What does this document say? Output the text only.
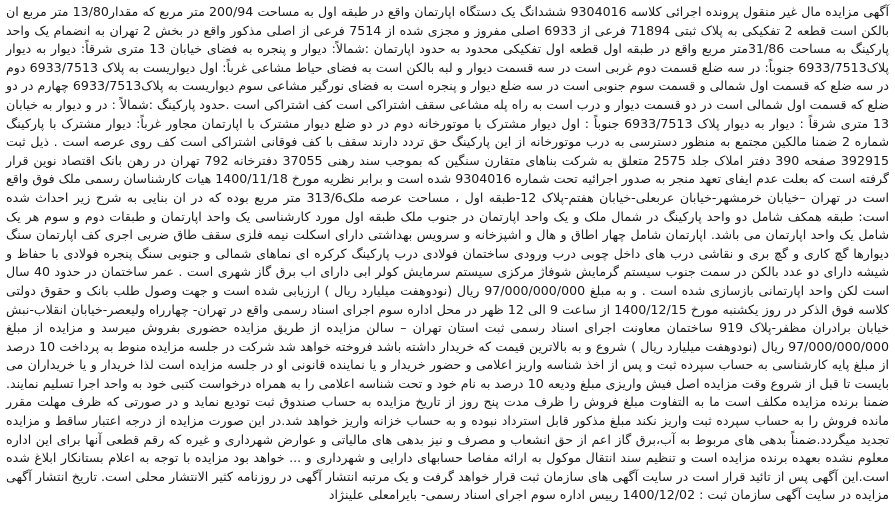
آگهی مزایده مال غیر منقول پرونده اجرائی کلاسه 9304016 ششدانگ یک دستگاه اپارتمان واقع در طبقه اول به مساحت 200/94 متر مربع که مقدار13/80 متر مربع ان بالکن است قطعه 2 تفکیکی به پلاک ثبتی 71894 فرعی از 6933 اصلی مفروز و مجزی شده از 7514 فرعی از اصلی مذکور واقع در بخش 2 تهران به انضمام یک واحد پارکینگ به مساحت 31/86متر مربع واقع در طبقه اول قطعه اول تفکیکی محدود به حدود اپارتمان :شمالاً: دیوار و پنجره به فضای خیابان 13 متری شرقاً: دیوار به دیوار پلاک6933/7513 جنوباً: در سه ضلع قسمت دوم غربی است در سه قسمت دیوار و لبه بالکن است به فضای حیاط مشاعی غرباً: اول دیواریست به پلاک 6933/7513 دوم در سه ضلع که قسمت اول شمالی و قسمت سوم جنوبی است در سه ضلع دیوار و پنجره است به فضای نورگیر مشاعی سوم دیواریست به پلاک6933/7513 چهارم در دو ضلع که قسمت اول شمالی است در دو قسمت دیوار و درب است به راه پله مشاعی سقف اشتراکی است کف اشتراکی است .حدود پارکینگ :شمالاً : در و دیوار به خیابان 13 متری شرقاً : دیوار به دیوار پلاک 6933/7513 جنوباً : اول دیوار مشترک با موتورخانه دوم در دو ضلع دیوار مشترک با اپارتمان مجاور غرباً: دیوار مشترک با پارکینگ شماره 2 ضمنا مالکین مجتمع به منظور دسترسی به درب موتورخانه از این پارکینگ حق تردد دارند سقف با کف فوقانی اشتراکی است کف روی عرصه است . ذیل ثبت 392915 صفحه 390 دفتر املاک جلد 2575 متعلق به شرکت بناهای متقارن سنگین که بموجب سند رهنی 37055 دفترخانه 792 تهران در رهن بانک اقتصاد نوین قرار گرفته است که بعلت عدم ایفای تعهد منجر به صدور اجرائیه تحت شماره 9304016 شده است و برابر نظریه مورخ 1400/11/18 هیات کارشناسان رسمی ملک فوق واقع است در تهران –خیابان خرمشهر-خیابان عربعلی-خیابان هفتم-پلاک 12-طبقه اول ، مساحت عرصه ملک313/6 متر مربع بوده که در ان بنایی به شرح زیر احداث شده است: طبقه همکف شامل دو واحد پارکینگ در شمال ملک و یک واحد اپارتمان در جنوب ملک طبقه اول مورد کارشناسی یک واحد اپارتمان و طبقات دوم و سوم هر یک شامل یک واحد اپارتمان می باشد. اپارتمان شامل چهار اطاق و هال و اشپزخانه و سرویس بهداشتی دارای اسکلت نیمه فلزی سقف طاق ضربی اجری کف اپارتمان سنگ دیوارها گچ کاری و گچ بری و نقاشی درب های داخل چوبی درب ورودی ساختمان فولادی درب پارکینگ کرکره ای نماهای شمالی و جنوبی سنگ پنجره فولادی با حفاظ و شیشه دارای دو عدد بالکن در سمت جنوب سیستم گرمایش شوفاژ مرکزی سیستم سرمایش کولر ابی دارای اب برق گاز شهری است . عمر ساختمان در حدود 40 سال است لکن واحد اپارتمانی بازسازی شده است . و به مبلغ 97/000/000/000 ریال (نودوهفت میلیارد ریال ) ارزیابی شده است و جهت وصول طلب بانک و حقوق دولتی کلاسه فوق الذکر در روز یکشنبه مورخ 1400/12/15 از ساعت 9 الی 12 ظهر در محل اداره سوم اجرای اسناد رسمی واقع در تهران- چهارراه ولیعصر-خیابان انقلاب-نبش خیابان برادران مظفر-پلاک 919 ساختمان معاونت اجرای اسناد رسمی ثبت استان تهران – سالن مزایده از طریق مزایده حضوری بفروش میرسد و مزایده از مبلغ 97/000/000/000 ریال (نودوهفت میلیارد ریال ) شروع و به بالاترین قیمت که خریدار داشته باشد فروخته خواهد شد شرکت در جلسه مزایده منوط به پرداخت 10 درصد از مبلغ پایه کارشناسی به حساب سپرده ثبت و پس از اخذ شناسه واریز اعلامی و حضور خریدار و یا نماینده قانونی او در جلسه مزایده است لذا خریدار و یا خریداران می بایست تا قبل از شروع وقت مزایده اصل فیش واریزی مبلغ ودیعه 10 درصد به نام خود و تحت شناسه اعلامی را به همراه درخواست کتبی خود به واحد اجرا تسلیم نمایند. ضمنا برنده مزایده مکلف است ما به التفاوت مبلغ فروش را ظرف مدت پنج روز از تاریخ مزایده به حساب صندوق ثبت تودیع نماید و در صورتی که ظرف مهلت مقرر مانده فروش را به حساب سپرده ثبت واریز نکند مبلغ مذکور قابل استرداد نبوده و به حساب خزانه واریز خواهد شد.در این صورت مزایده از درجه اعتبار ساقط و مزایده تجدید میگردد.ضمناً بدهی های مربوط به آب،برق گاز اعم از حق انشعاب و مصرف و نیز بدهی های مالیاتی و عوارض شهرداری و غیره که رقم قطعی آنها برای این اداره معلوم نشده بعهده برنده مزایده است و تنظیم سند انتقال موکول به ارائه مفاصا حسابهای دارایی و شهرداری و ... خواهد بود مزایده با توجه به اعلام بستانکار ابلاغ شده است.این آگهی پس از تائید قرار است در سایت آگهی های سازمان ثبت قرار خواهد گرفت و یک مرتبه انتشار آگهی در روزنامه کثیر الانتشار محلی است. تاریخ انتشار آگهی مزایده در سایت آگهی سازمان ثبت : 1400/12/02 رییس اداره سوم اجرای اسناد رسمی- بایرامعلی علینژاد
